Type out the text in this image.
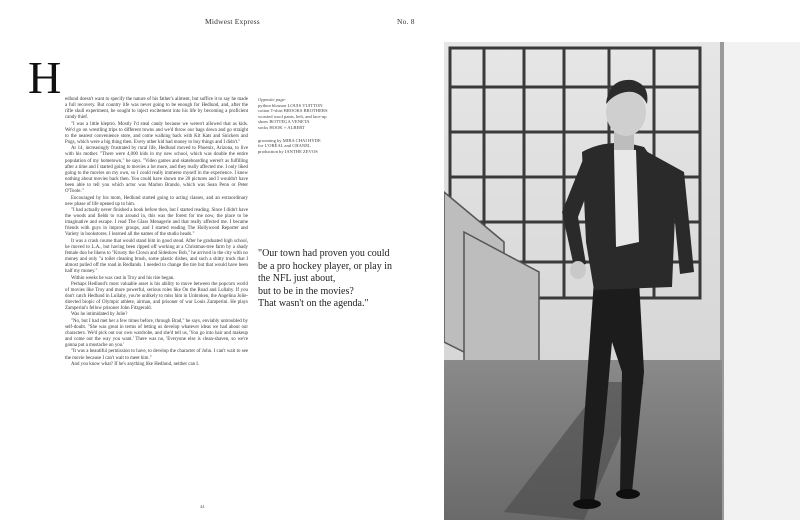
Midwest Express	No. 8
H edlund doesn't want to specify the nature of his father's ailment, but suffice it to say he made a full recovery. But country life was never going to be enough for Hedlund, and, after the rifle skull experiment, he sought to inject excitement into his life by becoming a proficient candy thief.

"I was a little kleptro. Mostly I'd steal candy because we weren't allowed that as kids. We'd go on wrestling trips to different towns and we'd throw our bags down and go straight to the nearest convenience store, and come walking back with Kit Kats and Snickers and Pogs, which were a big thing then. Every other kid had money to buy things and I didn't."

At 14, increasingly frustrated by rural life, Hedlund moved to Phoenix, Arizona, to live with his mother. "There were 4,000 kids in my new school, which was double the entire population of my hometown," he says. "Video games and skateboarding weren't as fulfilling after a time and I started going to movies a lot more, and they really affected me. I only liked going to the movies on my own, so I could really immerse myself in the experience. I knew nothing about movies back then. You could have shown me 20 pictures and I wouldn't have been able to tell you which actor was Marlon Brando, which was Sean Penn or Peter O'Toole."

Encouraged by his mom, Hedlund started going to acting classes, and an extraordinary new phase of life opened up to him.

"I had actually never finished a book before then, but I started reading. Since I didn't have the woods and fields to run around in, this was the forest for me now, the place to be imaginative and escape. I read The Glass Menagerie and that really affected me. I became friends with guys in improv groups, and I started reading The Hollywood Reporter and Variety in bookstores. I learned all the names of the studio heads."

It was a crash course that would stand him in good stead. After he graduated high school, he moved to L.A., but having been ripped off working at a Christmas-tree farm by a shady female duo he likens to "Krusty the Clown and Sideshow Bob," he arrived in the city with no money and only "a toilet cleaning brush, some plastic dishes, and such a shitty truck that I almost pulled off the road in Redlands. I needed to change the tire but that would have been half my money."

Within weeks he was cast in Troy and his rise began.

Perhaps Hedlund's most valuable asset is his ability to move between the popcorn world of movies like Troy and more powerful, serious roles like On the Road and Lullaby. If you don't catch Hedlund in Lullaby, you're unlikely to miss him in Unbroken, the Angelina Jolie-directed biopic of Olympic athlete, airman, and prisoner of war Louis Zamperini. He plays Zamperini's fellow prisoner John Fitzgerald.

Was he intimidated by Jolie?

"No, but I had met her a few times before, through Brad," he says, enviably untroubled by self-doubt. "She was great in terms of letting us develop whatever ideas we had about our characters. We'd pick out our own wardrobe, and she'd tell us, 'You go into hair and makeup and come out the way you want.' There was no, 'Everyone else is clean-shaven, so we're gonna put a mustache on you.'

"It was a beautiful permission to have, to develop the character of John. I can't wait to see the movie because I can't wait to meet him."

And you know what? If he's anything like Hedlund, neither can I.

Opposite page:
python blouson LOUIS VUITTON
cotton T-shirt BROOKS BROTHERS
worsted wool pants, belt, and lace-up
shoes BOTTEGA VENETA
socks HOOK + ALBERT
grooming by MIRA CHAI HYDE
for L'ORÉAL and CHANEL
production by IANTHE ZEVOS
"Our town had proven you could
be a pro hockey player, or play in
the NFL just about,
but to be in the movies?
That wasn't on the agenda."
44
